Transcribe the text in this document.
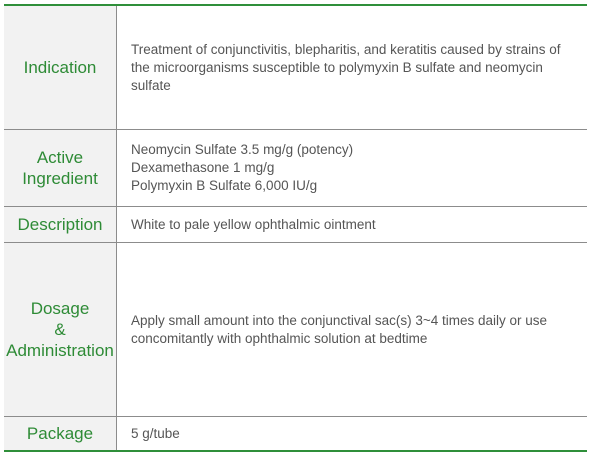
Indication	Treatment of conjunctivitis, blepharitis, and keratitis caused by strains of the microorganisms susceptible to polymyxin B sulfate and neomycin sulfate
Active
Ingredient	Neomycin Sulfate 3.5 mg/g (potency)
Dexamethasone 1 mg/g
Polymyxin B Sulfate 6,000 IU/g

Description	White to pale yellow ophthalmic ointment
Dosage
&
Administration	Apply small amount into the conjunctival sac(s) 3~4 times daily or use concomitantly with ophthalmic solution at bedtime
Package	5 g/tube
